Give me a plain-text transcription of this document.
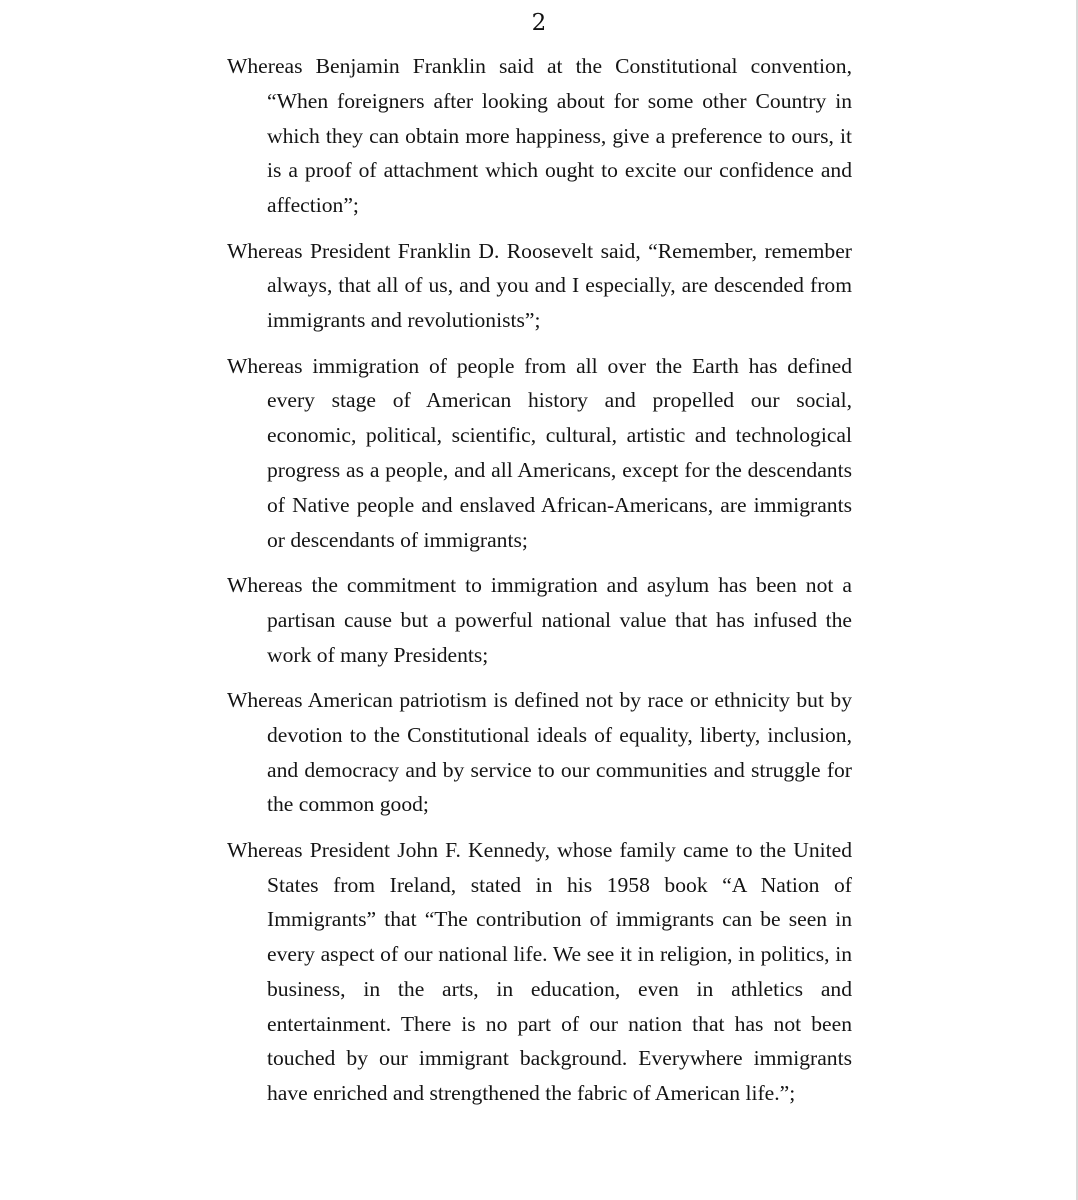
2

Whereas Benjamin Franklin said at the Constitutional convention, “When foreigners after looking about for some other Country in which they can obtain more happiness, give a preference to ours, it is a proof of attachment which ought to excite our confidence and affection”;

Whereas President Franklin D. Roosevelt said, “Remember, remember always, that all of us, and you and I especially, are descended from immigrants and revolutionists”;

Whereas immigration of people from all over the Earth has defined every stage of American history and propelled our social, economic, political, scientific, cultural, artistic and technological progress as a people, and all Americans, except for the descendants of Native people and enslaved African-Americans, are immigrants or descendants of immigrants;

Whereas the commitment to immigration and asylum has been not a partisan cause but a powerful national value that has infused the work of many Presidents;

Whereas American patriotism is defined not by race or ethnicity but by devotion to the Constitutional ideals of equality, liberty, inclusion, and democracy and by service to our communities and struggle for the common good;

Whereas President John F. Kennedy, whose family came to the United States from Ireland, stated in his 1958 book “A Nation of Immigrants” that “The contribution of immigrants can be seen in every aspect of our national life. We see it in religion, in politics, in business, in the arts, in education, even in athletics and entertainment. There is no part of our nation that has not been touched by our immigrant background. Everywhere immigrants have enriched and strengthened the fabric of American life.”;
